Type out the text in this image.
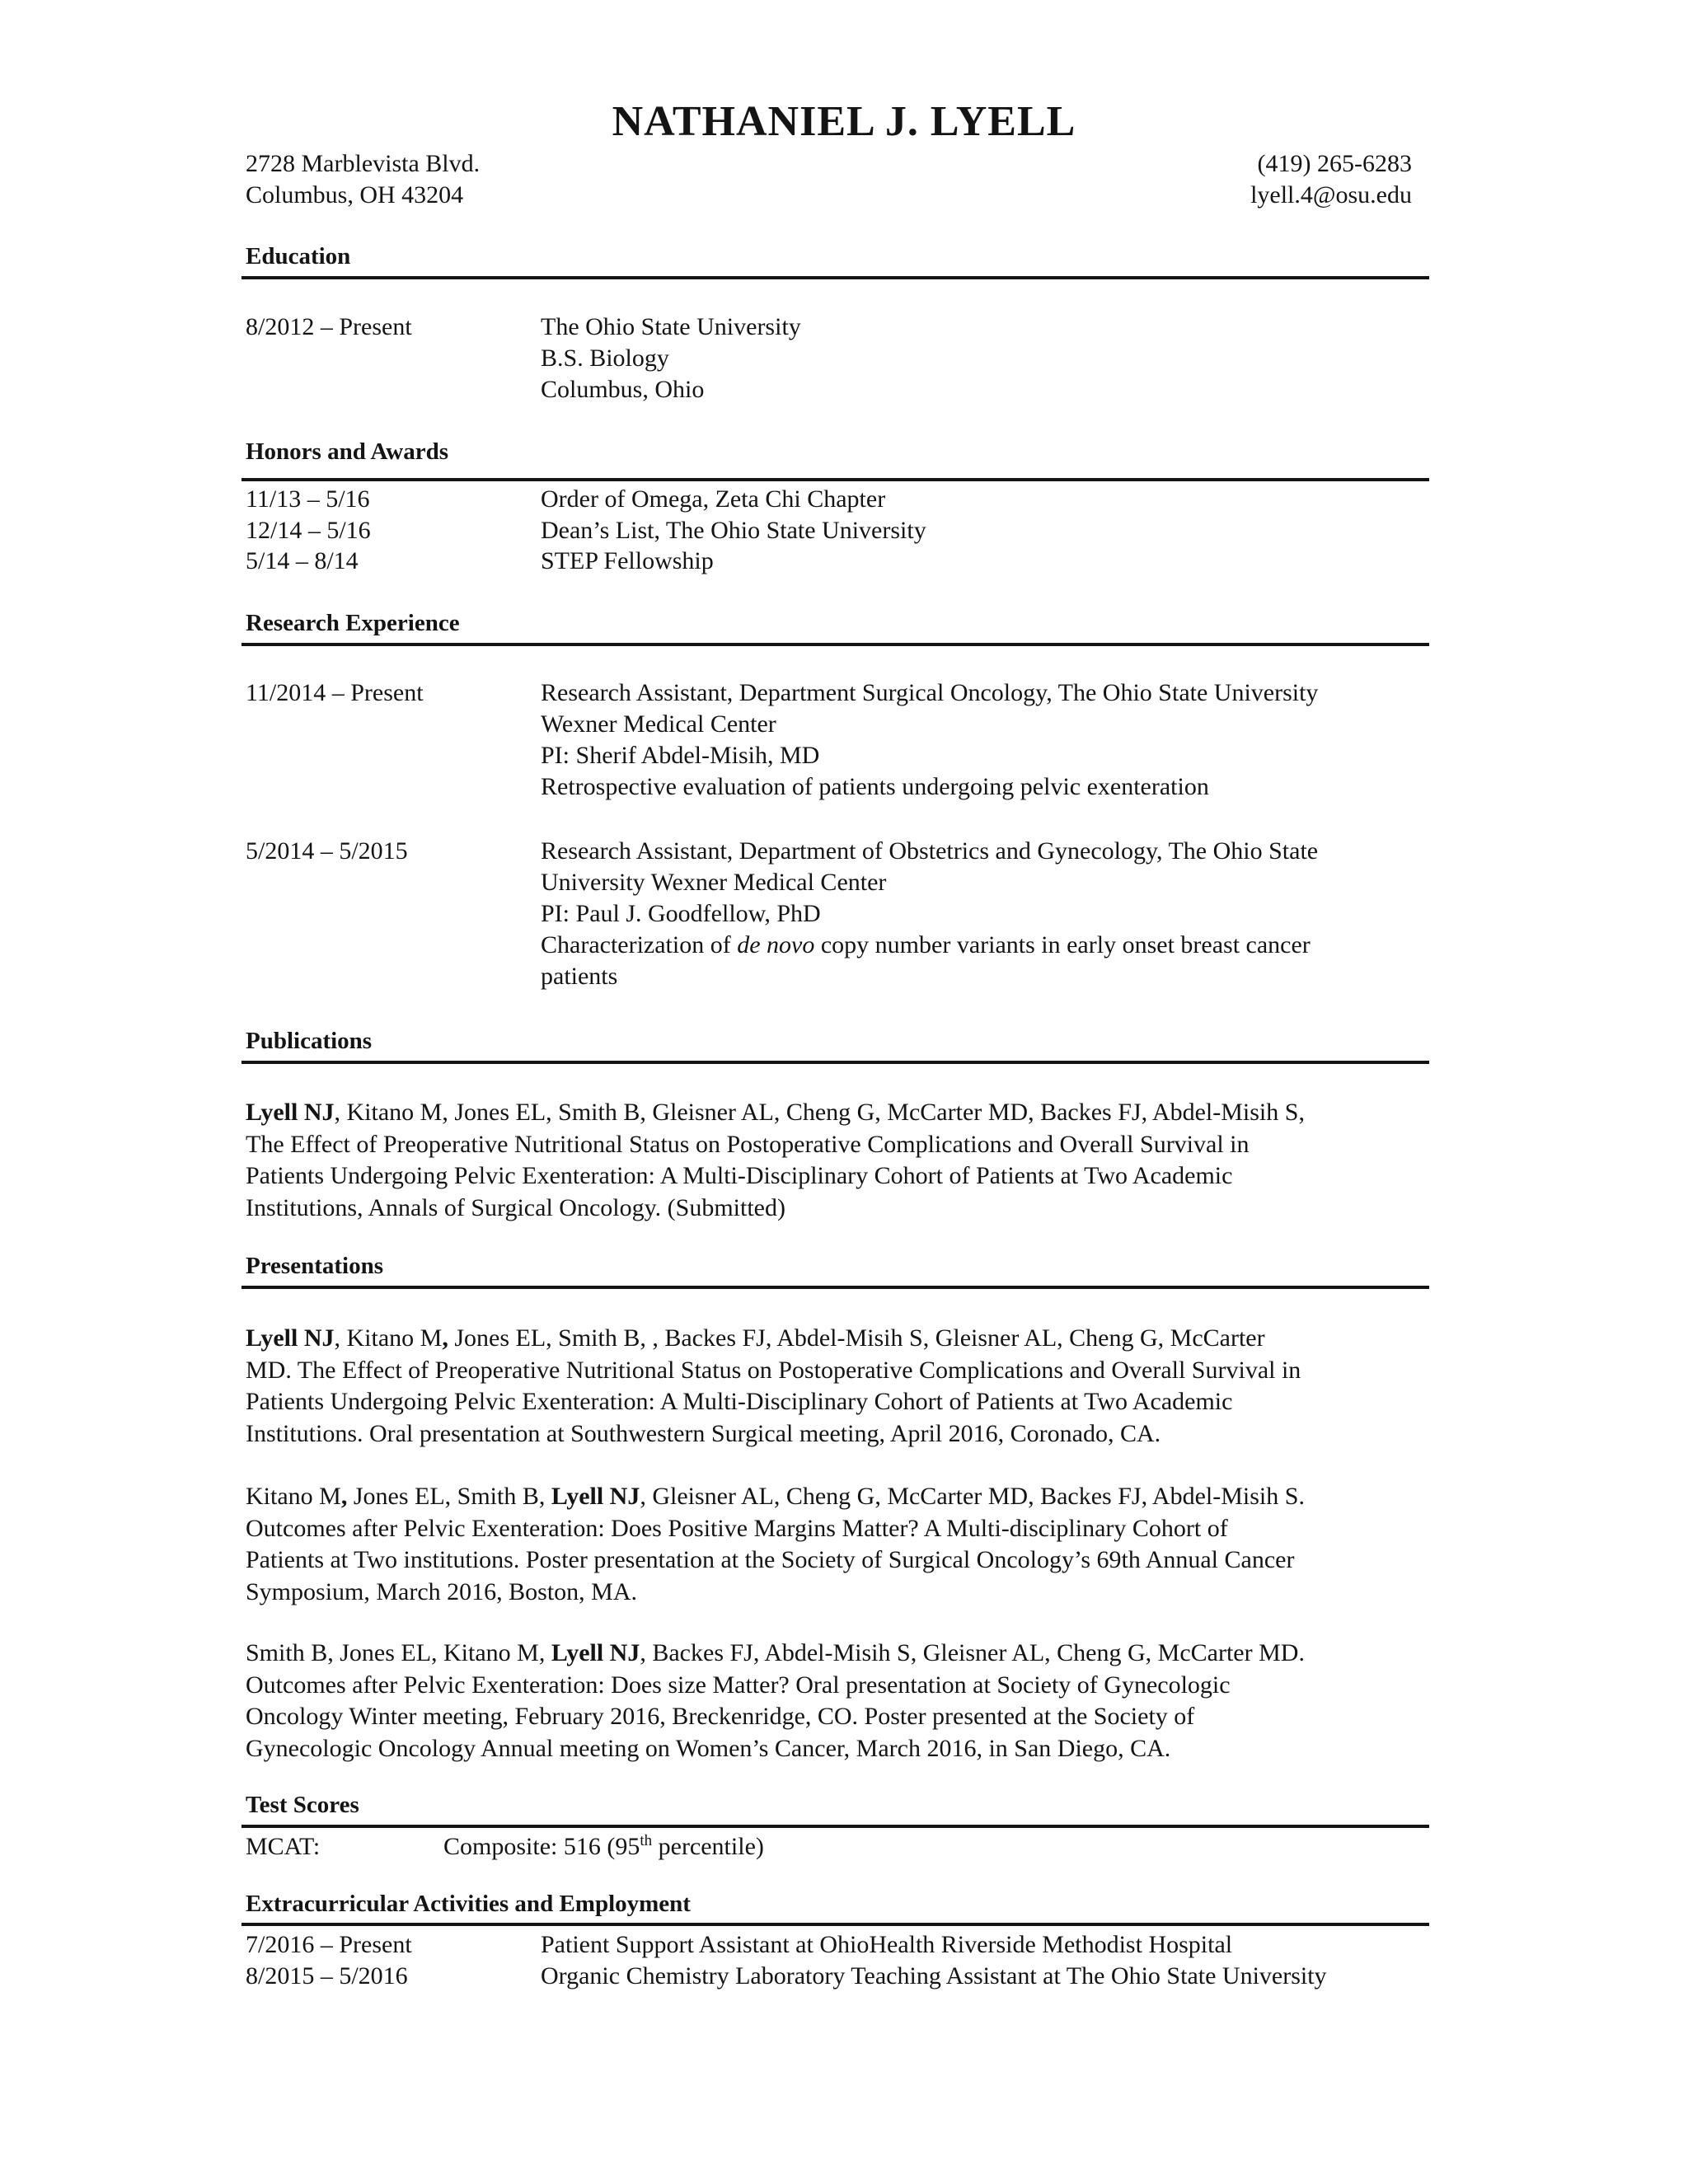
NATHANIEL J. LYELL
2728 Marblevista Blvd.
Columbus, OH 43204
(419) 265-6283
lyell.4@osu.edu
Education
8/2012 – Present	The Ohio State University
B.S. Biology
Columbus, Ohio
Honors and Awards
11/13 – 5/16	Order of Omega, Zeta Chi Chapter
12/14 – 5/16	Dean’s List, The Ohio State University
5/14 – 8/14	STEP Fellowship
Research Experience
11/2014 – Present	Research Assistant, Department Surgical Oncology, The Ohio State University
Wexner Medical Center
PI: Sherif Abdel-Misih, MD
Retrospective evaluation of patients undergoing pelvic exenteration
5/2014 – 5/2015	Research Assistant, Department of Obstetrics and Gynecology, The Ohio State
University Wexner Medical Center
PI: Paul J. Goodfellow, PhD
Characterization of de novo copy number variants in early onset breast cancer
patients
Publications
Lyell NJ, Kitano M, Jones EL, Smith B, Gleisner AL, Cheng G, McCarter MD, Backes FJ, Abdel-Misih S,
The Effect of Preoperative Nutritional Status on Postoperative Complications and Overall Survival in
Patients Undergoing Pelvic Exenteration: A Multi-Disciplinary Cohort of Patients at Two Academic
Institutions, Annals of Surgical Oncology. (Submitted)
Presentations
Lyell NJ, Kitano M, Jones EL, Smith B, , Backes FJ, Abdel-Misih S, Gleisner AL, Cheng G, McCarter
MD. The Effect of Preoperative Nutritional Status on Postoperative Complications and Overall Survival in
Patients Undergoing Pelvic Exenteration: A Multi-Disciplinary Cohort of Patients at Two Academic
Institutions. Oral presentation at Southwestern Surgical meeting, April 2016, Coronado, CA.
Kitano M, Jones EL, Smith B, Lyell NJ, Gleisner AL, Cheng G, McCarter MD, Backes FJ, Abdel-Misih S.
Outcomes after Pelvic Exenteration: Does Positive Margins Matter? A Multi-disciplinary Cohort of
Patients at Two institutions. Poster presentation at the Society of Surgical Oncology’s 69th Annual Cancer
Symposium, March 2016, Boston, MA.
Smith B, Jones EL, Kitano M, Lyell NJ, Backes FJ, Abdel-Misih S, Gleisner AL, Cheng G, McCarter MD.
Outcomes after Pelvic Exenteration: Does size Matter? Oral presentation at Society of Gynecologic
Oncology Winter meeting, February 2016, Breckenridge, CO. Poster presented at the Society of
Gynecologic Oncology Annual meeting on Women’s Cancer, March 2016, in San Diego, CA.
Test Scores
MCAT:	Composite: 516 (95th percentile)
Extracurricular Activities and Employment
7/2016 – Present	Patient Support Assistant at OhioHealth Riverside Methodist Hospital
8/2015 – 5/2016	Organic Chemistry Laboratory Teaching Assistant at The Ohio State University
